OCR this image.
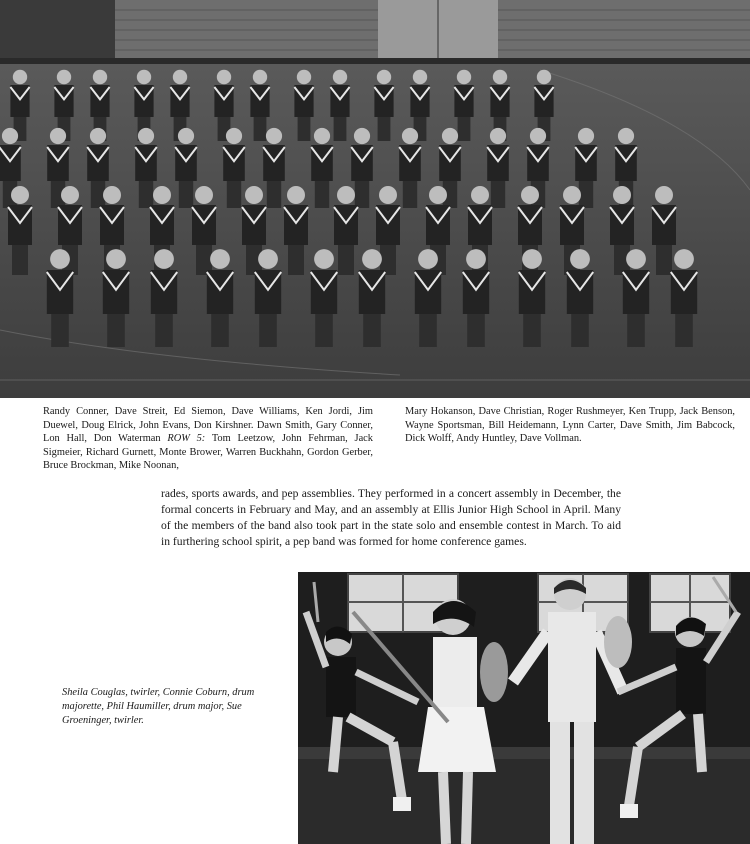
Randy Conner, Dave Streit, Ed Siemon, Dave Williams, Ken Jordi, Jim Duewel, Doug Elrick, John Evans, Don Kirshner. Dawn Smith, Gary Conner, Lon Hall, Don Waterman ROW 5: Tom Leetzow, John Fehrman, Jack Sigmeier, Richard Gurnett, Monte Brower, Warren Buckhahn, Gordon Gerber, Bruce Brockman, Mike Noonan,

Mary Hokanson, Dave Christian, Roger Rushmeyer, Ken Trupp, Jack Benson, Wayne Sportsman, Bill Heidemann, Lynn Carter, Dave Smith, Jim Babcock, Dick Wolff, Andy Huntley, Dave Vollman.

rades, sports awards, and pep assemblies. They performed in a concert assembly in December, the formal concerts in February and May, and an assembly at Ellis Junior High School in April. Many of the members of the band also took part in the state solo and ensemble contest in March. To aid in furthering school spirit, a pep band was formed for home conference games.

Sheila Couglas, twirler, Connie Coburn, drum majorette, Phil Haumiller, drum major, Sue Groeninger, twirler.
